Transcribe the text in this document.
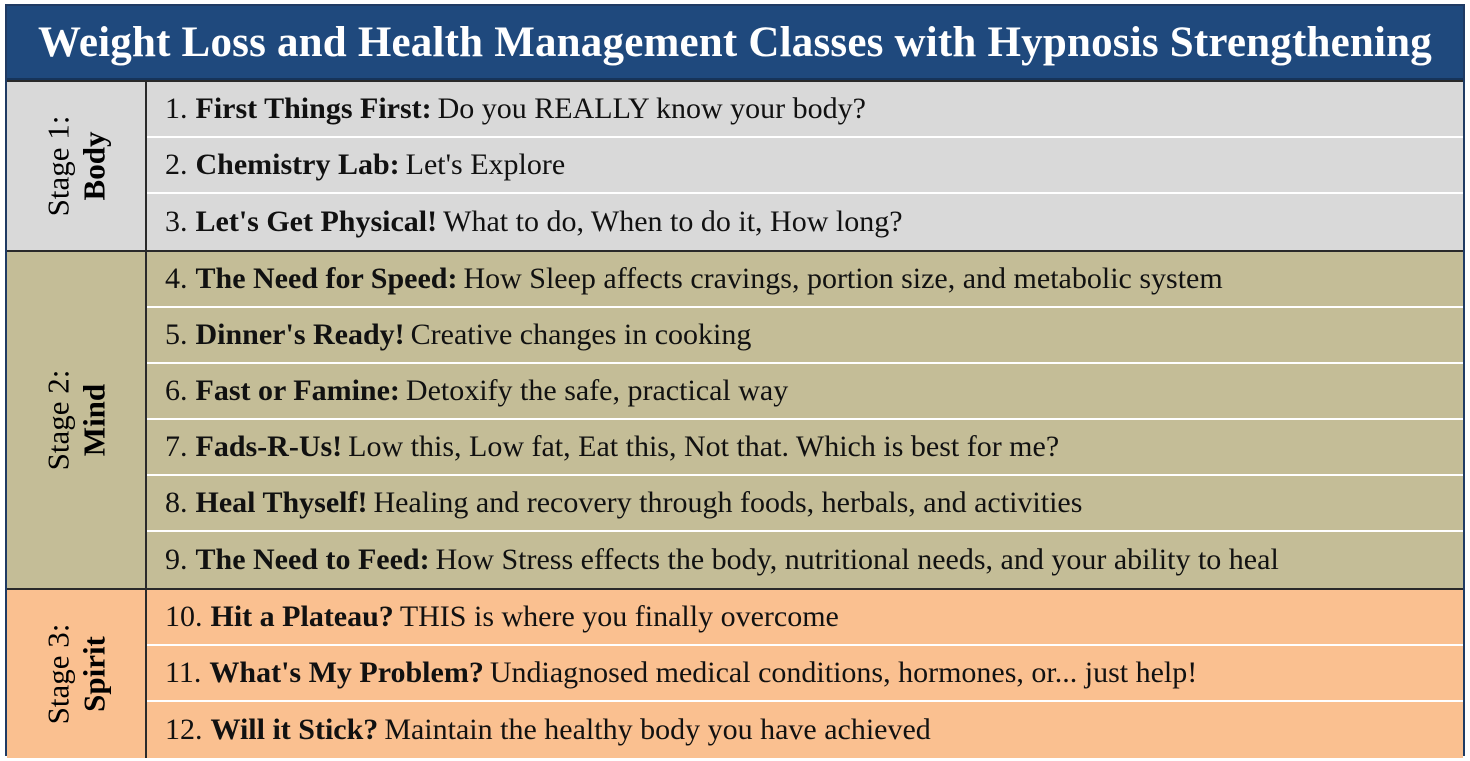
Weight Loss and Health Management Classes with Hypnosis Strengthening
Stage 1: Body
1. First Things First: Do you REALLY know your body?
2. Chemistry Lab: Let's Explore
3. Let's Get Physical! What to do, When to do it, How long?
Stage 2: Mind
4. The Need for Speed: How Sleep affects cravings, portion size, and metabolic system
5. Dinner's Ready! Creative changes in cooking
6. Fast or Famine: Detoxify the safe, practical way
7. Fads-R-Us! Low this, Low fat, Eat this, Not that. Which is best for me?
8. Heal Thyself! Healing and recovery through foods, herbals, and activities
9. The Need to Feed: How Stress effects the body, nutritional needs, and your ability to heal
Stage 3: Spirit
10. Hit a Plateau? THIS is where you finally overcome
11. What's My Problem? Undiagnosed medical conditions, hormones, or... just help!
12. Will it Stick? Maintain the healthy body you have achieved
